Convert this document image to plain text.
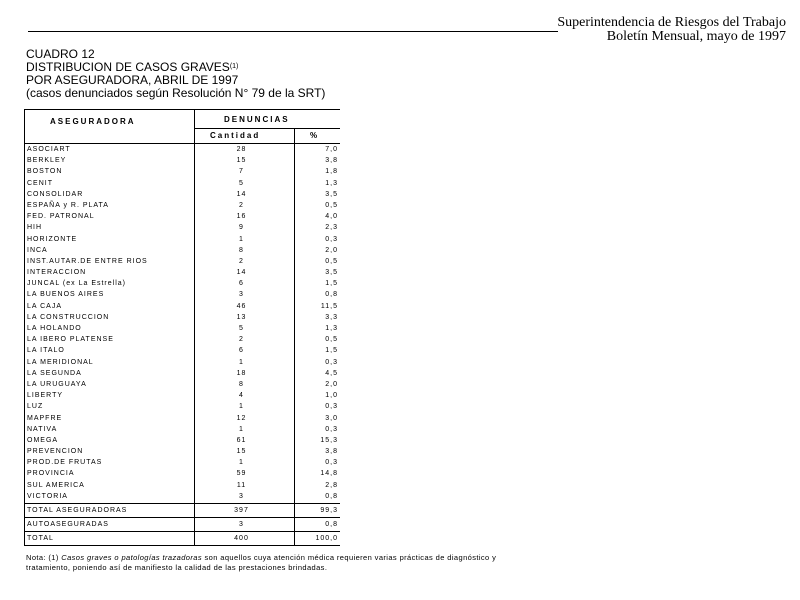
Superintendencia de Riesgos del Trabajo
Boletín Mensual, mayo de 1997
CUADRO 12
DISTRIBUCION DE CASOS GRAVES$^{(1)}$
POR ASEGURADORA, ABRIL DE 1997
(casos denunciados según Resolución N° 79 de la SRT)
ASEGURADORA	DENUNCIAS
Cantidad	%
ASOCIART	28	7,0
BERKLEY	15	3,8
BOSTON	7	1,8
CENIT	5	1,3
CONSOLIDAR	14	3,5
ESPAÑA y R. PLATA	2	0,5
FED. PATRONAL	16	4,0
HIH	9	2,3
HORIZONTE	1	0,3
INCA	8	2,0
INST.AUTAR.DE ENTRE RIOS	2	0,5
INTERACCION	14	3,5
JUNCAL (ex La Estrella)	6	1,5
LA BUENOS AIRES	3	0,8
LA CAJA	46	11,5
LA CONSTRUCCION	13	3,3
LA HOLANDO	5	1,3
LA IBERO PLATENSE	2	0,5
LA ITALO	6	1,5
LA MERIDIONAL	1	0,3
LA SEGUNDA	18	4,5
LA URUGUAYA	8	2,0
LIBERTY	4	1,0
LUZ	1	0,3
MAPFRE	12	3,0
NATIVA	1	0,3
OMEGA	61	15,3
PREVENCION	15	3,8
PROD.DE FRUTAS	1	0,3
PROVINCIA	59	14,8
SUL AMERICA	11	2,8
VICTORIA	3	0,8
TOTAL ASEGURADORAS	397	99,3
AUTOASEGURADAS	3	0,8
TOTAL	400	100,0
Nota: (1) Casos graves o patologías trazadoras son aquellos cuya atención médica requieren varias prácticas de diagnóstico y tratamiento, poniendo así de manifiesto la calidad de las prestaciones brindadas.
